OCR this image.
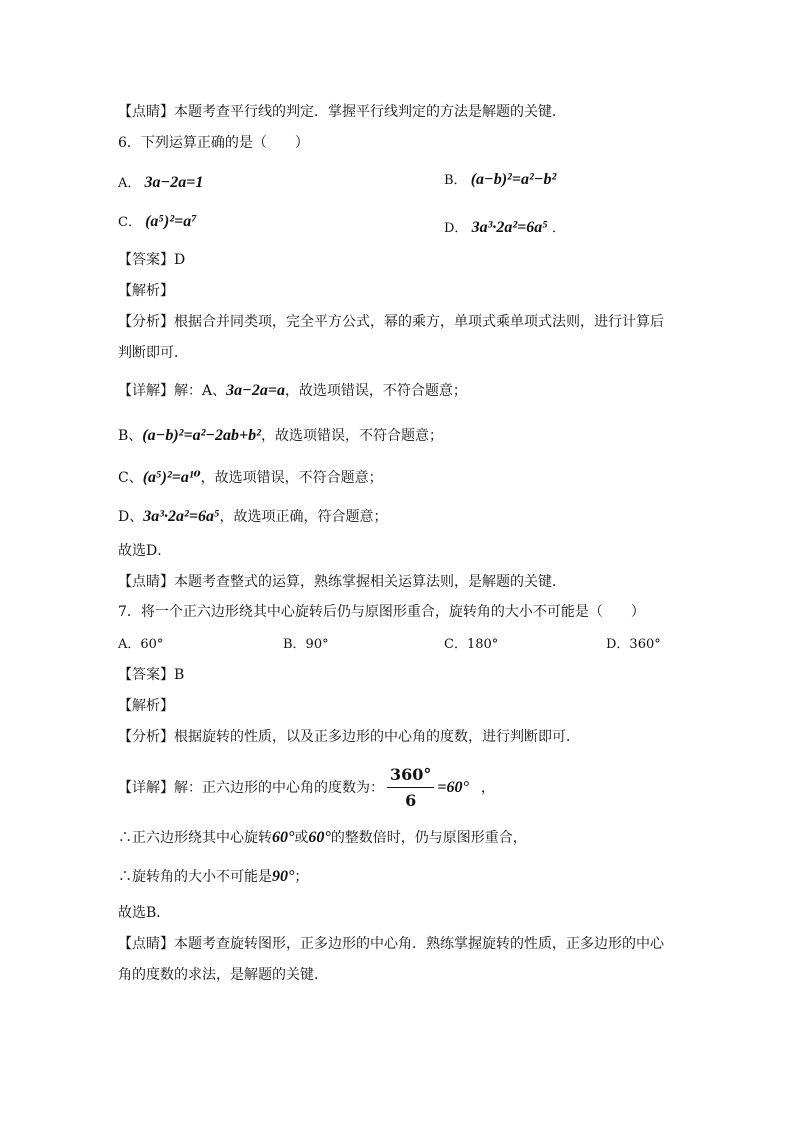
【点睛】本题考查平行线的判定．掌握平行线判定的方法是解题的关键．
6．下列运算正确的是（　　）
A． 3a−2a=1	B． (a−b)²=a²−b²
C． (a⁵)²=a⁷	D． 3a³·2a²=6a⁵ ．
【答案】D
【解析】
【分析】根据合并同类项，完全平方公式，幂的乘方，单项式乘单项式法则，进行计算后
判断即可．
【详解】解：A、3a−2a=a，故选项错误，不符合题意；
B、(a−b)²=a²−2ab+b²，故选项错误，不符合题意；
C、(a⁵)²=a¹⁰，故选项错误，不符合题意；
D、3a³·2a²=6a⁵，故选项正确，符合题意；
故选D．
【点睛】本题考查整式的运算，熟练掌握相关运算法则，是解题的关键．
7．将一个正六边形绕其中心旋转后仍与原图形重合，旋转角的大小不可能是（　　）
A．60°	B．90°	C．180°	D．360°
【答案】B
【解析】
【分析】根据旋转的性质，以及正多边形的中心角的度数，进行判断即可．
【详解】解：正六边形的中心角的度数为： $\frac{360^\circ}{6} =60^\circ$ ，
∴正六边形绕其中心旋转60°或60°的整数倍时，仍与原图形重合，
∴旋转角的大小不可能是90°；
故选B．
【点睛】本题考查旋转图形，正多边形的中心角．熟练掌握旋转的性质，正多边形的中心
角的度数的求法，是解题的关键．
